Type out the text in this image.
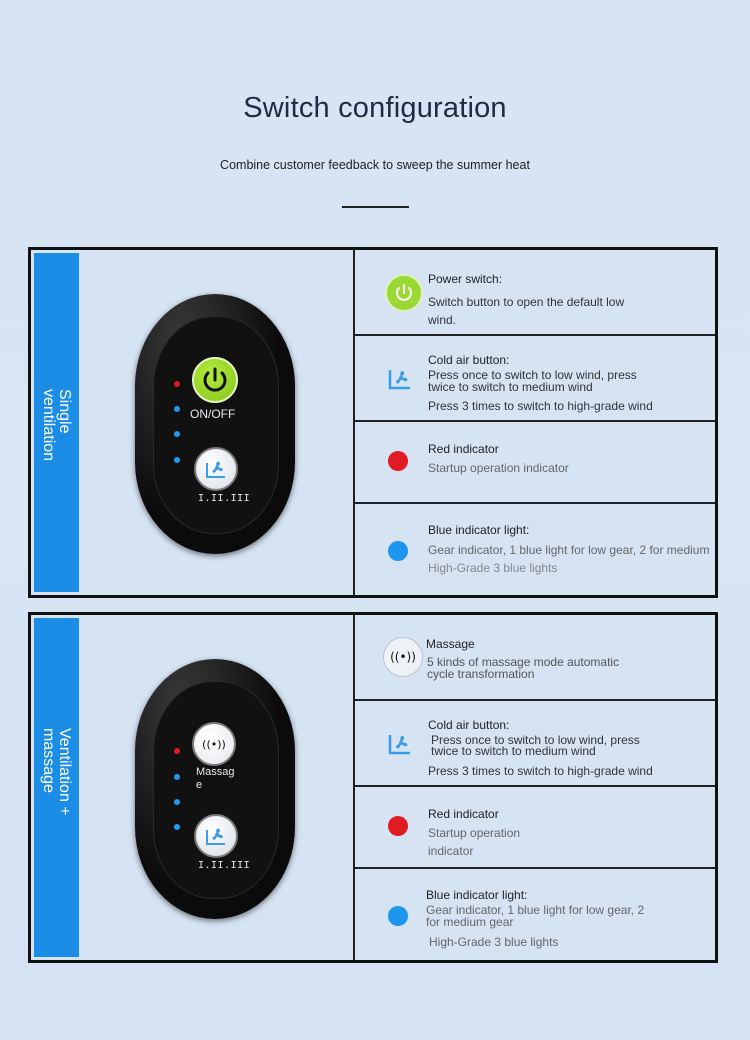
Switch configuration
Combine customer feedback to sweep the summer heat
Single
ventilation	ON/OFF
I.II.III
Power switch:
Switch button to open the default low
wind.
Cold air button:
Press once to switch to low wind, press
twice to switch to medium wind
Press 3 times to switch to high-grade wind
Red indicator
Startup operation indicator
Blue indicator light:
Gear indicator, 1 blue light for low gear, 2 for medium
High-Grade 3 blue lights
Ventilation +
massage	((•))
Massag
e
I.II.III
((•))
Massage
5 kinds of massage mode automatic
cycle transformation
Cold air button:
Press once to switch to low wind, press
twice to switch to medium wind
Press 3 times to switch to high-grade wind
Red indicator
Startup operation
indicator
Blue indicator light:
Gear indicator, 1 blue light for low gear, 2
for medium gear
High-Grade 3 blue lights
